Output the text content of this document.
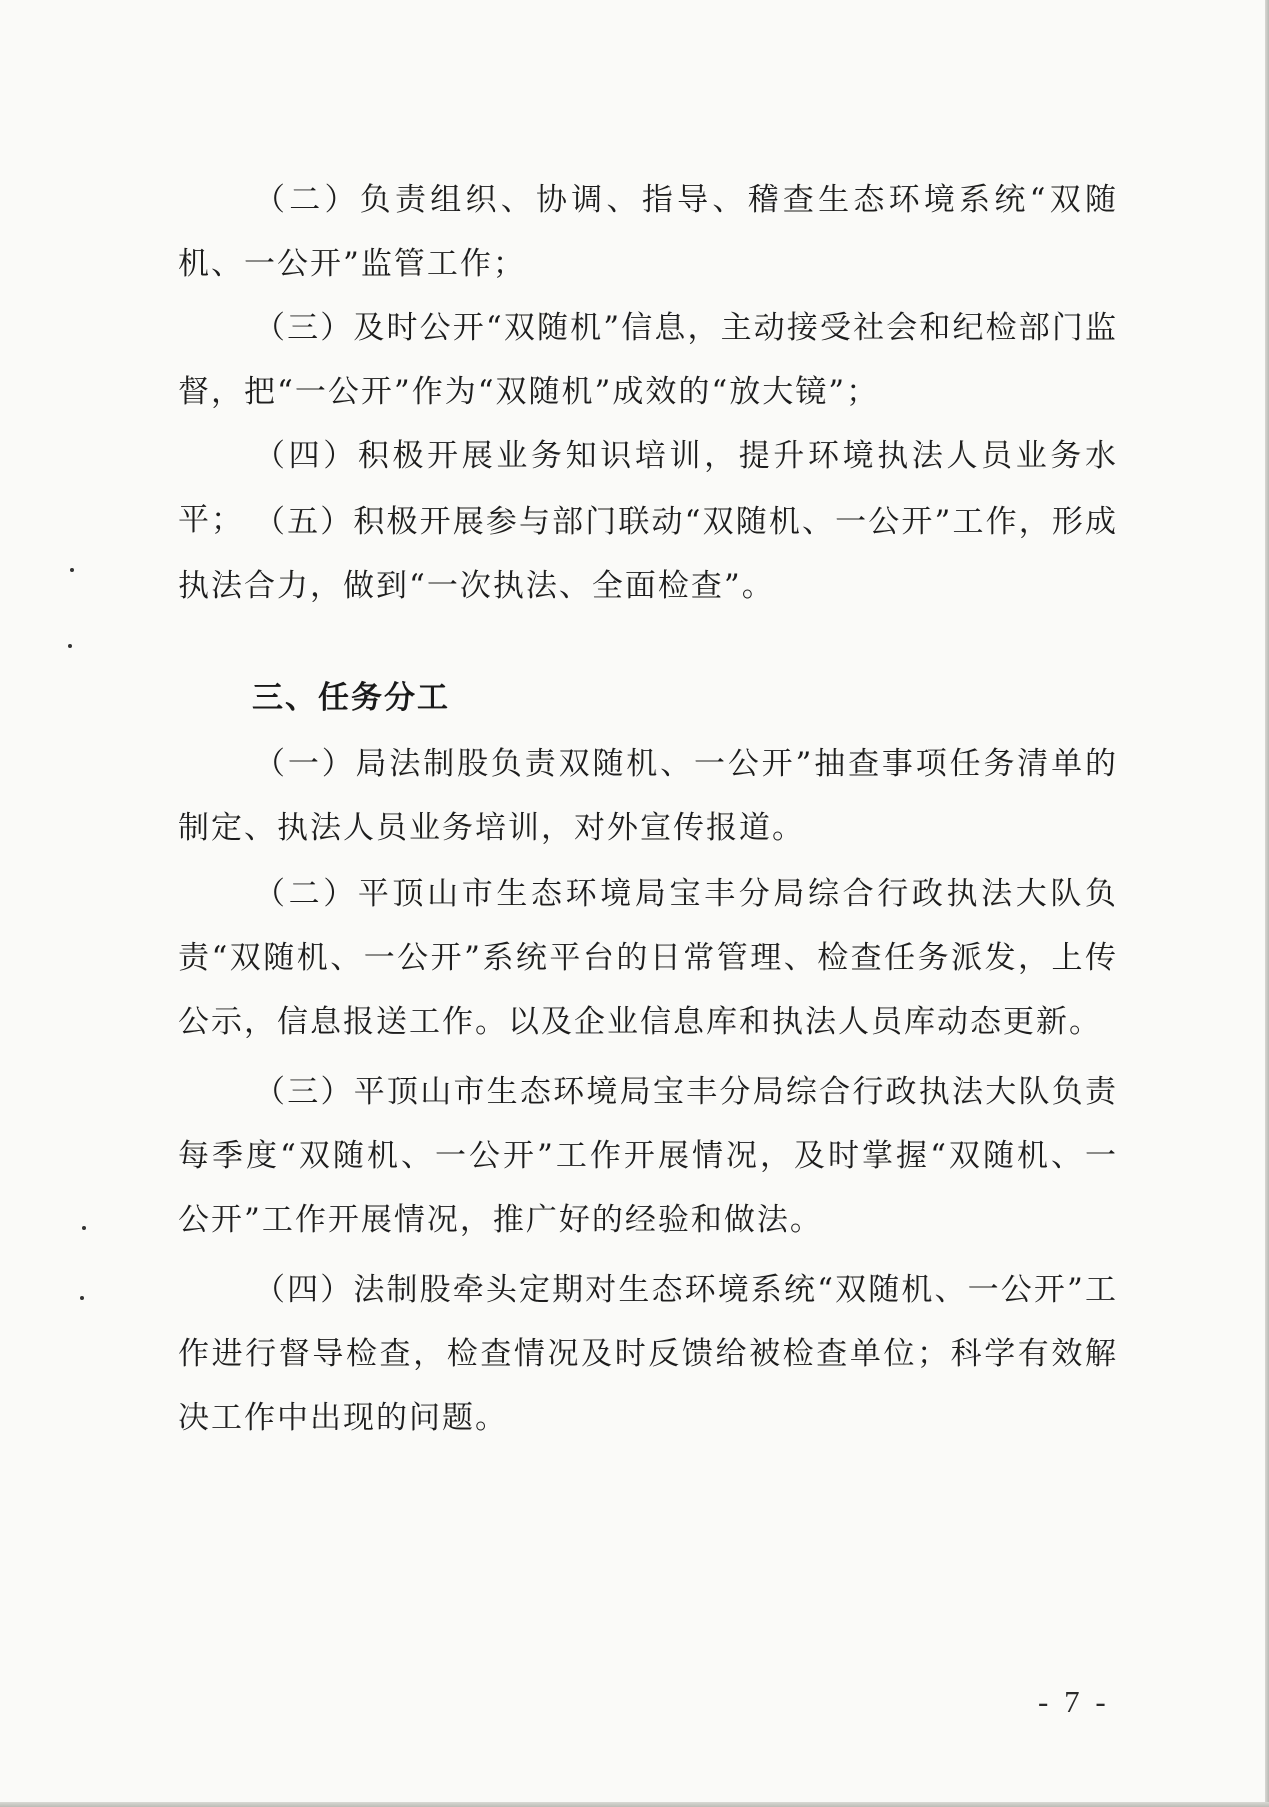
（二）负责组织、协调、指导、稽查生态环境系统“双随机、一公开”监管工作；

（三）及时公开“双随机”信息，主动接受社会和纪检部门监督，把“一公开”作为“双随机”成效的“放大镜”；

（四）积极开展业务知识培训，提升环境执法人员业务水平； （五）积极开展参与部门联动“双随机、一公开”工作，形成执法合力，做到“一次执法、全面检查”。

三、任务分工

（一）局法制股负责双随机、一公开”抽查事项任务清单的制定、执法人员业务培训，对外宣传报道。

（二）平顶山市生态环境局宝丰分局综合行政执法大队负责“双随机、一公开”系统平台的日常管理、检查任务派发，上传公示，信息报送工作。以及企业信息库和执法人员库动态更新。

（三）平顶山市生态环境局宝丰分局综合行政执法大队负责每季度“双随机、一公开”工作开展情况，及时掌握“双随机、一公开”工作开展情况，推广好的经验和做法。

（四）法制股牵头定期对生态环境系统“双随机、一公开”工作进行督导检查，检查情况及时反馈给被检查单位；科学有效解决工作中出现的问题。

- 7 -
